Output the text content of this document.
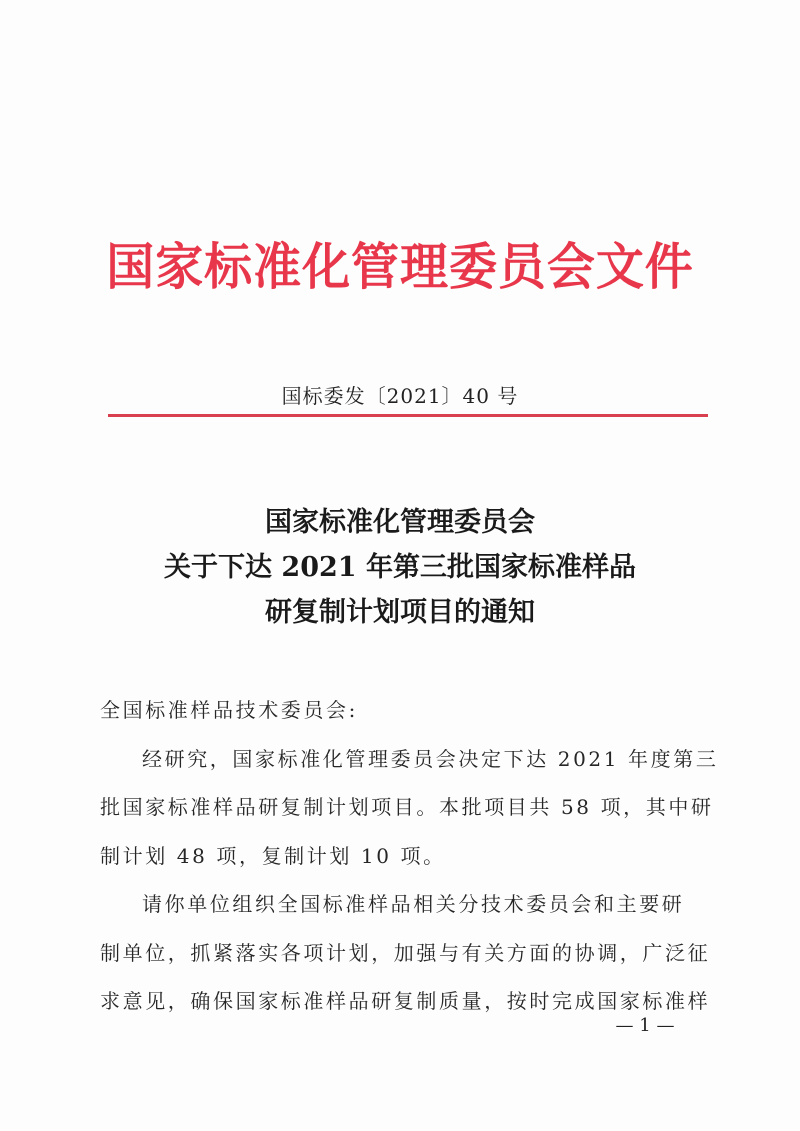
国家标准化管理委员会文件
国标委发〔2021〕40 号
国家标准化管理委员会
关于下达 2021 年第三批国家标准样品
研复制计划项目的通知
全国标准样品技术委员会:
经研究，国家标准化管理委员会决定下达 2021 年度第三
批国家标准样品研复制计划项目。本批项目共 58 项，其中研
制计划 48 项，复制计划 10 项。
请你单位组织全国标准样品相关分技术委员会和主要研
制单位，抓紧落实各项计划，加强与有关方面的协调，广泛征
求意见，确保国家标准样品研复制质量，按时完成国家标准样
— 1 —
